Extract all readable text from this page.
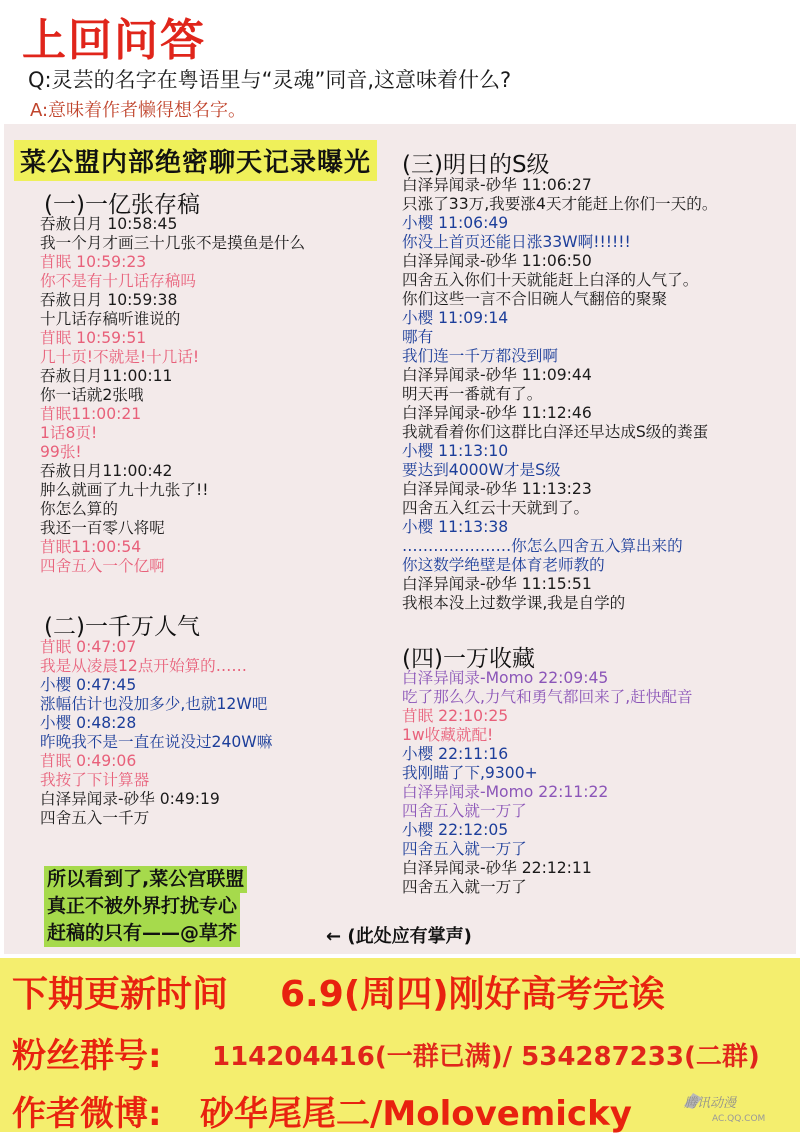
上回问答
Q:灵芸的名字在粤语里与“灵魂”同音,这意味着什么?
A:意味着作者懒得想名字。
菜公盟内部绝密聊天记录曝光
(一)一亿张存稿
吞赦日月 10:58:45
我一个月才画三十几张不是摸鱼是什么
苜眠 10:59:23
你不是有十几话存稿吗
吞赦日月 10:59:38
十几话存稿听谁说的
苜眠 10:59:51
几十页!不就是!十几话!
吞赦日月11:00:11
你一话就2张哦
苜眠11:00:21
1话8页!
99张!
吞赦日月11:00:42
肿么就画了九十九张了!!
你怎么算的
我还一百零八将呢
苜眠11:00:54
四舍五入一个亿啊
(二)一千万人气
苜眠 0:47:07
我是从凌晨12点开始算的……
小樱 0:47:45
涨幅估计也没加多少,也就12W吧
小樱 0:48:28
昨晚我不是一直在说没过240W嘛
苜眠 0:49:06
我按了下计算器
白泽异闻录-砂华 0:49:19
四舍五入一千万
(三)明日的S级
白泽异闻录-砂华 11:06:27
只涨了33万,我要涨4天才能赶上你们一天的。
小樱 11:06:49
你没上首页还能日涨33W啊!!!!!!
白泽异闻录-砂华 11:06:50
四舍五入你们十天就能赶上白泽的人气了。
你们这些一言不合旧碗人气翻倍的聚聚
小樱 11:09:14
哪有
我们连一千万都没到啊
白泽异闻录-砂华 11:09:44
明天再一番就有了。
白泽异闻录-砂华 11:12:46
我就看着你们这群比白泽还早达成S级的粪蛋
小樱 11:13:10
要达到4000W才是S级
白泽异闻录-砂华 11:13:23
四舍五入红云十天就到了。
小樱 11:13:38
…………………你怎么四舍五入算出来的
你这数学绝壁是体育老师教的
白泽异闻录-砂华 11:15:51
我根本没上过数学课,我是自学的
(四)一万收藏
白泽异闻录-Momo 22:09:45
吃了那么久,力气和勇气都回来了,赶快配音
苜眠 22:10:25
1w收藏就配!
小樱 22:11:16
我刚瞄了下,9300+
白泽异闻录-Momo 22:11:22
四舍五入就一万了
小樱 22:12:05
四舍五入就一万了
白泽异闻录-砂华 22:12:11
四舍五入就一万了
所以看到了,菜公宫联盟
真正不被外界打扰专心
赶稿的只有——@草芥	← (此处应有掌声)
下期更新时间 6.9(周四)刚好高考完诶
粉丝群号: 114204416(一群已满)/ 534287233(二群)
作者微博: 砂华尾尾二/Molovemicky	腾讯动漫
AC.QQ.COM
